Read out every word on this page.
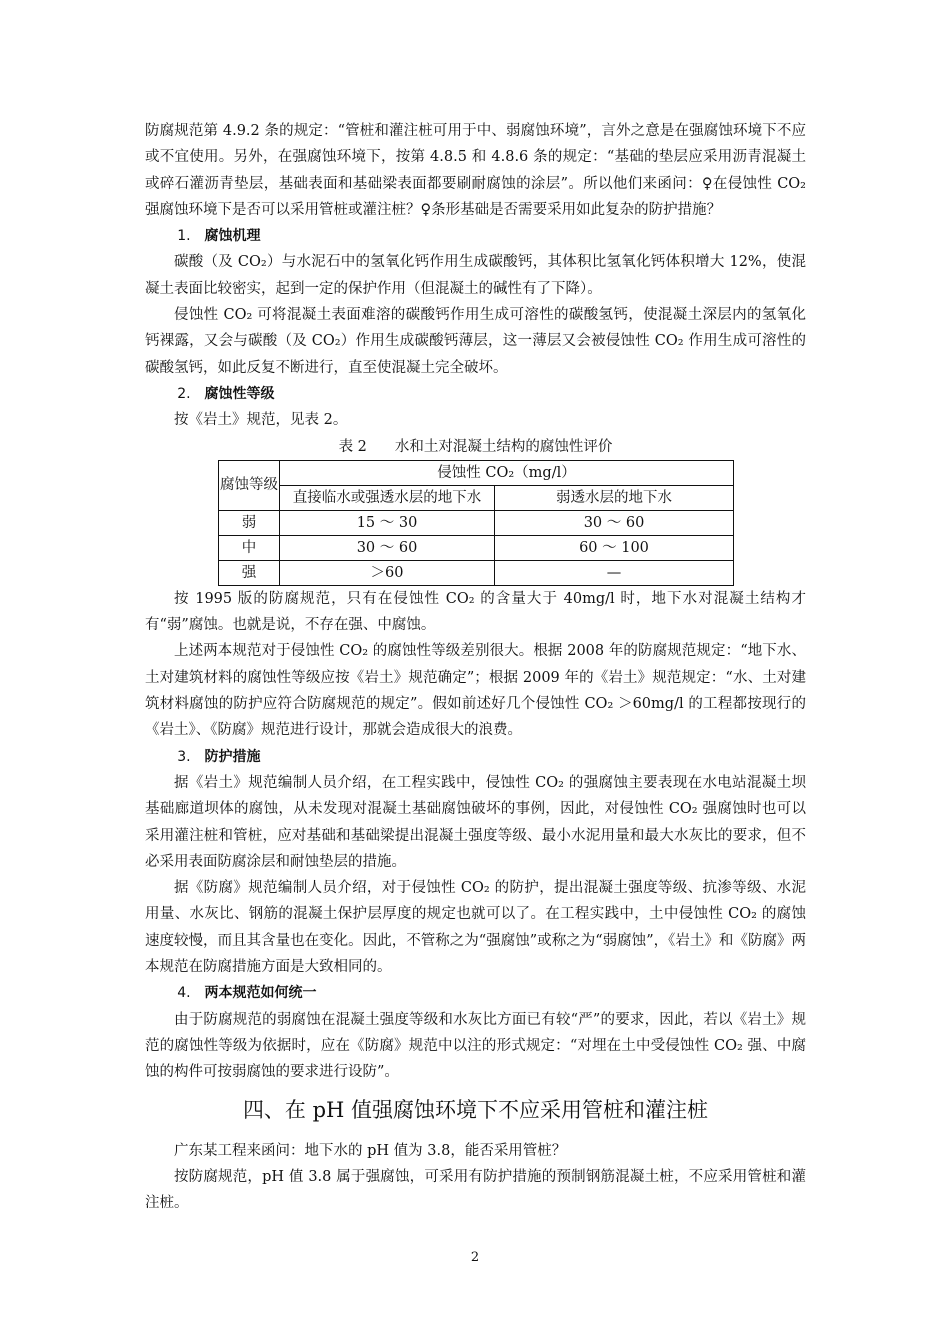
防腐规范第 4.9.2 条的规定：“管桩和灌注桩可用于中、弱腐蚀环境”，言外之意是在强腐蚀环境下不应或不宜使用。另外，在强腐蚀环境下，按第 4.8.5 和 4.8.6 条的规定：“基础的垫层应采用沥青混凝土或碎石灌沥青垫层，基础表面和基础梁表面都要刷耐腐蚀的涂层”。所以他们来函问：♀在侵蚀性 CO₂ 强腐蚀环境下是否可以采用管桩或灌注桩？♀条形基础是否需要采用如此复杂的防护措施？

1. 腐蚀机理

碳酸（及 CO₂）与水泥石中的氢氧化钙作用生成碳酸钙，其体积比氢氧化钙体积增大 12%，使混凝土表面比较密实，起到一定的保护作用（但混凝土的碱性有了下降）。

侵蚀性 CO₂ 可将混凝土表面难溶的碳酸钙作用生成可溶性的碳酸氢钙，使混凝土深层内的氢氧化钙裸露，又会与碳酸（及 CO₂）作用生成碳酸钙薄层，这一薄层又会被侵蚀性 CO₂ 作用生成可溶性的碳酸氢钙，如此反复不断进行，直至使混凝土完全破坏。

2. 腐蚀性等级

按《岩土》规范，见表 2。

表 2 水和土对混凝土结构的腐蚀性评价

腐蚀等级	侵蚀性 CO₂（mg/l）	
	直接临水或强透水层的地下水	弱透水层的地下水
弱	15 ～ 30	30 ～ 60
中	30 ～ 60	60 ～ 100
强	＞60	—

按 1995 版的防腐规范，只有在侵蚀性 CO₂ 的含量大于 40mg/l 时，地下水对混凝土结构才有“弱”腐蚀。也就是说，不存在强、中腐蚀。

上述两本规范对于侵蚀性 CO₂ 的腐蚀性等级差别很大。根据 2008 年的防腐规范规定：“地下水、土对建筑材料的腐蚀性等级应按《岩土》规范确定”；根据 2009 年的《岩土》规范规定：“水、土对建筑材料腐蚀的防护应符合防腐规范的规定”。假如前述好几个侵蚀性 CO₂ ＞60mg/l 的工程都按现行的《岩土》、《防腐》规范进行设计，那就会造成很大的浪费。

3. 防护措施

据《岩土》规范编制人员介绍，在工程实践中，侵蚀性 CO₂ 的强腐蚀主要表现在水电站混凝土坝基础廊道坝体的腐蚀，从未发现对混凝土基础腐蚀破坏的事例，因此，对侵蚀性 CO₂ 强腐蚀时也可以采用灌注桩和管桩，应对基础和基础梁提出混凝土强度等级、最小水泥用量和最大水灰比的要求，但不必采用表面防腐涂层和耐蚀垫层的措施。

据《防腐》规范编制人员介绍，对于侵蚀性 CO₂ 的防护，提出混凝土强度等级、抗渗等级、水泥用量、水灰比、钢筋的混凝土保护层厚度的规定也就可以了。在工程实践中，土中侵蚀性 CO₂ 的腐蚀速度较慢，而且其含量也在变化。因此，不管称之为“强腐蚀”或称之为“弱腐蚀”，《岩土》和《防腐》两本规范在防腐措施方面是大致相同的。

4. 两本规范如何统一

由于防腐规范的弱腐蚀在混凝土强度等级和水灰比方面已有较“严”的要求，因此，若以《岩土》规范的腐蚀性等级为依据时，应在《防腐》规范中以注的形式规定：“对埋在土中受侵蚀性 CO₂ 强、中腐蚀的构件可按弱腐蚀的要求进行设防”。

四、在 pH 值强腐蚀环境下不应采用管桩和灌注桩

广东某工程来函问：地下水的 pH 值为 3.8，能否采用管桩？

按防腐规范，pH 值 3.8 属于强腐蚀，可采用有防护措施的预制钢筋混凝土桩，不应采用管桩和灌注桩。

2
